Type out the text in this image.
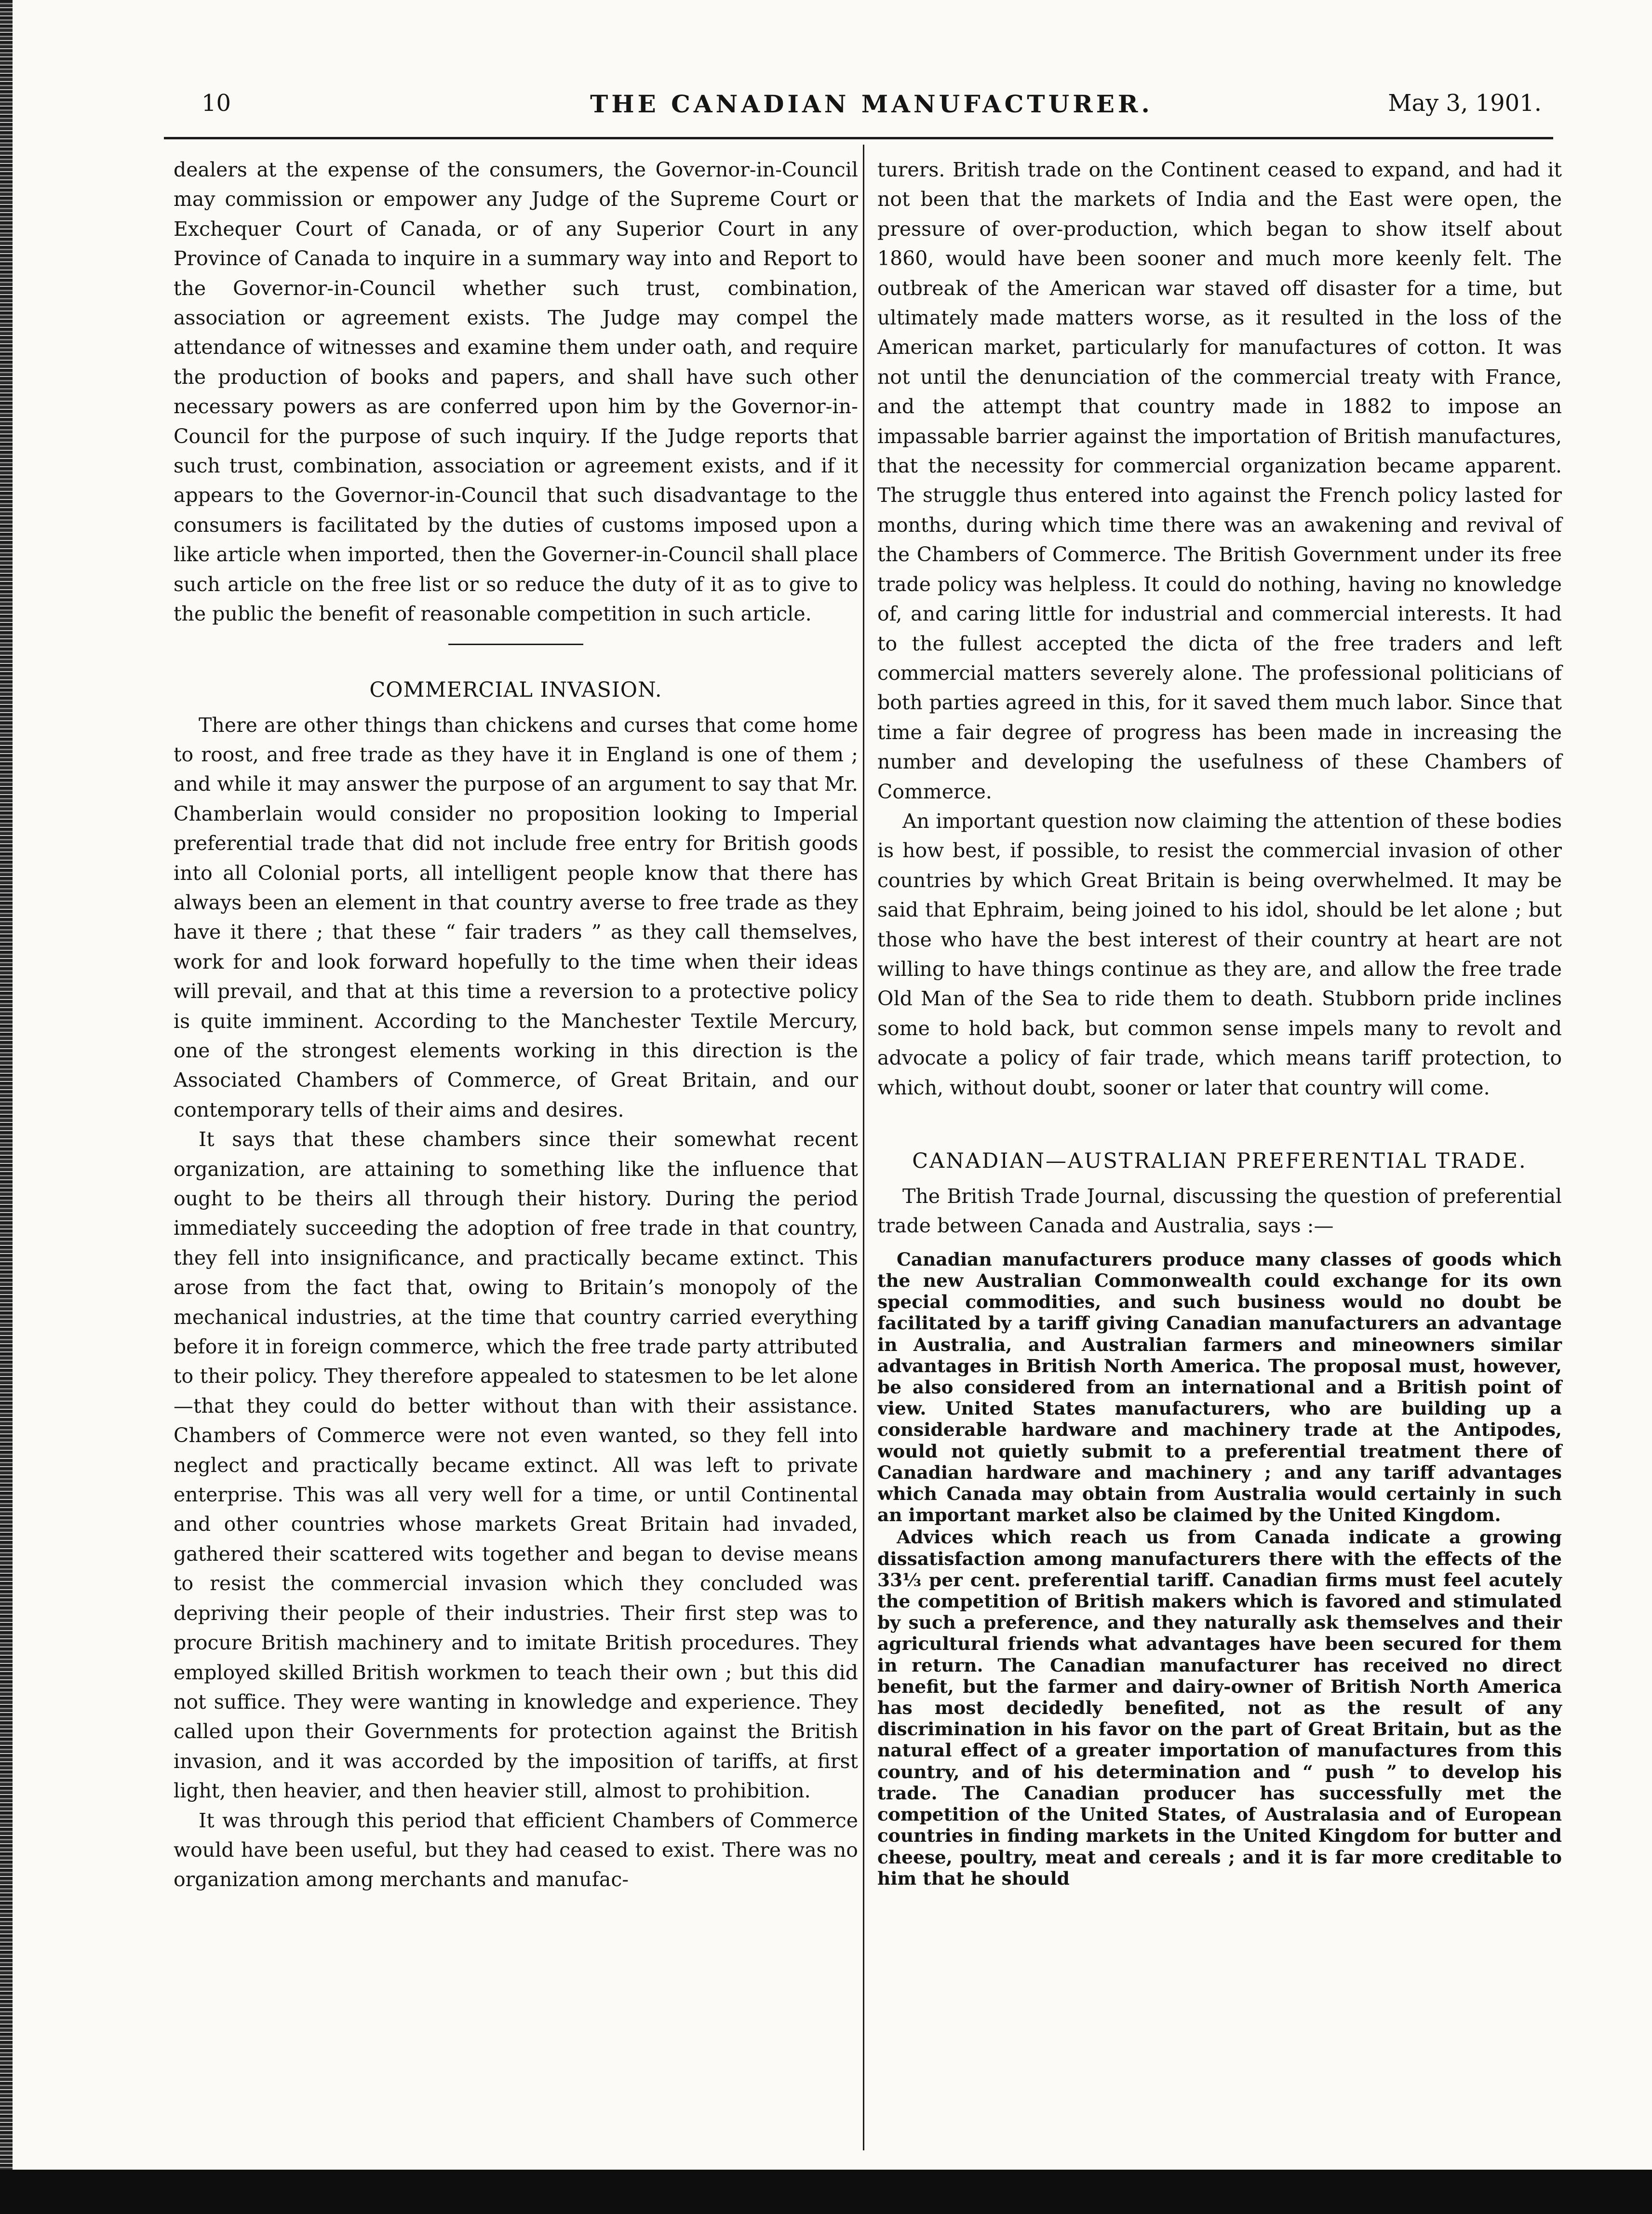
10	THE CANADIAN MANUFACTURER.	May 3, 1901.

dealers at the expense of the consumers, the Governor-in-Council may commission or empower any Judge of the Supreme Court or Exchequer Court of Canada, or of any Superior Court in any Province of Canada to inquire in a summary way into and Report to the Governor-in-Council whether such trust, combination, association or agreement exists. The Judge may compel the attendance of witnesses and examine them under oath, and require the production of books and papers, and shall have such other necessary powers as are conferred upon him by the Governor-in-Council for the purpose of such inquiry. If the Judge reports that such trust, combination, association or agreement exists, and if it appears to the Governor-in-Council that such disadvantage to the consumers is facilitated by the duties of customs imposed upon a like article when imported, then the Governer-in-Council shall place such article on the free list or so reduce the duty of it as to give to the public the benefit of reasonable competition in such article.

COMMERCIAL INVASION.

There are other things than chickens and curses that come home to roost, and free trade as they have it in England is one of them ; and while it may answer the purpose of an argument to say that Mr. Chamberlain would consider no proposition looking to Imperial preferential trade that did not include free entry for British goods into all Colonial ports, all intelligent people know that there has always been an element in that country averse to free trade as they have it there ; that these “ fair traders ” as they call themselves, work for and look forward hopefully to the time when their ideas will prevail, and that at this time a reversion to a protective policy is quite imminent. According to the Manchester Textile Mercury, one of the strongest elements working in this direction is the Associated Chambers of Commerce, of Great Britain, and our contemporary tells of their aims and desires.

It says that these chambers since their somewhat recent organization, are attaining to something like the influence that ought to be theirs all through their history. During the period immediately succeeding the adoption of free trade in that country, they fell into insignificance, and practically became extinct. This arose from the fact that, owing to Britain’s monopoly of the mechanical industries, at the time that country carried everything before it in foreign commerce, which the free trade party attributed to their policy. They therefore appealed to statesmen to be let alone—that they could do better without than with their assistance. Chambers of Commerce were not even wanted, so they fell into neglect and practically became extinct. All was left to private enterprise. This was all very well for a time, or until Continental and other countries whose markets Great Britain had invaded, gathered their scattered wits together and began to devise means to resist the commercial invasion which they concluded was depriving their people of their industries. Their first step was to procure British machinery and to imitate British procedures. They employed skilled British workmen to teach their own ; but this did not suffice. They were wanting in knowledge and experience. They called upon their Governments for protection against the British invasion, and it was accorded by the imposition of tariffs, at first light, then heavier, and then heavier still, almost to prohibition.

It was through this period that efficient Chambers of Commerce would have been useful, but they had ceased to exist. There was no organization among merchants and manufac-

turers. British trade on the Continent ceased to expand, and had it not been that the markets of India and the East were open, the pressure of over-production, which began to show itself about 1860, would have been sooner and much more keenly felt. The outbreak of the American war staved off disaster for a time, but ultimately made matters worse, as it resulted in the loss of the American market, particularly for manufactures of cotton. It was not until the denunciation of the commercial treaty with France, and the attempt that country made in 1882 to impose an impassable barrier against the importation of British manufactures, that the necessity for commercial organization became apparent. The struggle thus entered into against the French policy lasted for months, during which time there was an awakening and revival of the Chambers of Commerce. The British Government under its free trade policy was helpless. It could do nothing, having no knowledge of, and caring little for industrial and commercial interests. It had to the fullest accepted the dicta of the free traders and left commercial matters severely alone. The professional politicians of both parties agreed in this, for it saved them much labor. Since that time a fair degree of progress has been made in increasing the number and developing the usefulness of these Chambers of Commerce.

An important question now claiming the attention of these bodies is how best, if possible, to resist the commercial invasion of other countries by which Great Britain is being overwhelmed. It may be said that Ephraim, being joined to his idol, should be let alone ; but those who have the best interest of their country at heart are not willing to have things continue as they are, and allow the free trade Old Man of the Sea to ride them to death. Stubborn pride inclines some to hold back, but common sense impels many to revolt and advocate a policy of fair trade, which means tariff protection, to which, without doubt, sooner or later that country will come.

CANADIAN—AUSTRALIAN PREFERENTIAL TRADE.

The British Trade Journal, discussing the question of preferential trade between Canada and Australia, says :—

Canadian manufacturers produce many classes of goods which the new Australian Commonwealth could exchange for its own special commodities, and such business would no doubt be facilitated by a tariff giving Canadian manufacturers an advantage in Australia, and Australian farmers and mineowners similar advantages in British North America. The proposal must, however, be also considered from an international and a British point of view. United States manufacturers, who are building up a considerable hardware and machinery trade at the Antipodes, would not quietly submit to a preferential treatment there of Canadian hardware and machinery ; and any tariff advantages which Canada may obtain from Australia would certainly in such an important market also be claimed by the United Kingdom.

Advices which reach us from Canada indicate a growing dissatisfaction among manufacturers there with the effects of the 33⅓ per cent. preferential tariff. Canadian firms must feel acutely the competition of British makers which is favored and stimulated by such a preference, and they naturally ask themselves and their agricultural friends what advantages have been secured for them in return. The Canadian manufacturer has received no direct benefit, but the farmer and dairy-owner of British North America has most decidedly benefited, not as the result of any discrimination in his favor on the part of Great Britain, but as the natural effect of a greater importation of manufactures from this country, and of his determination and “ push ” to develop his trade. The Canadian producer has successfully met the competition of the United States, of Australasia and of European countries in finding markets in the United Kingdom for butter and cheese, poultry, meat and cereals ; and it is far more creditable to him that he should
